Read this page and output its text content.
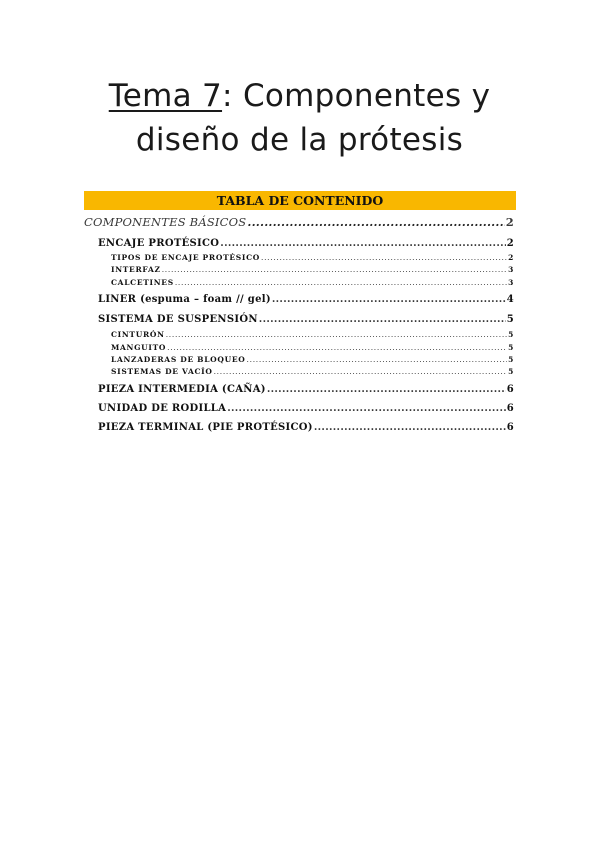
Tema 7: Componentes y
diseño de la prótesis
TABLA DE CONTENIDO
COMPONENTES BÁSICOS .....	2
ENCAJE PROTÉSICO .....	2
TIPOS DE ENCAJE PROTÉSICO .....	2
INTERFAZ .....	3
CALCETINES .....	3
LINER (espuma – foam // gel) .....	4
SISTEMA DE SUSPENSIÓN .....	5
CINTURÓN .....	5
MANGUITO .....	5
LANZADERAS DE BLOQUEO .....	5
SISTEMAS DE VACÍO .....	5
PIEZA INTERMEDIA (CAÑA) .....	6
UNIDAD DE RODILLA .....	6
PIEZA TERMINAL (PIE PROTÉSICO) .....	6
